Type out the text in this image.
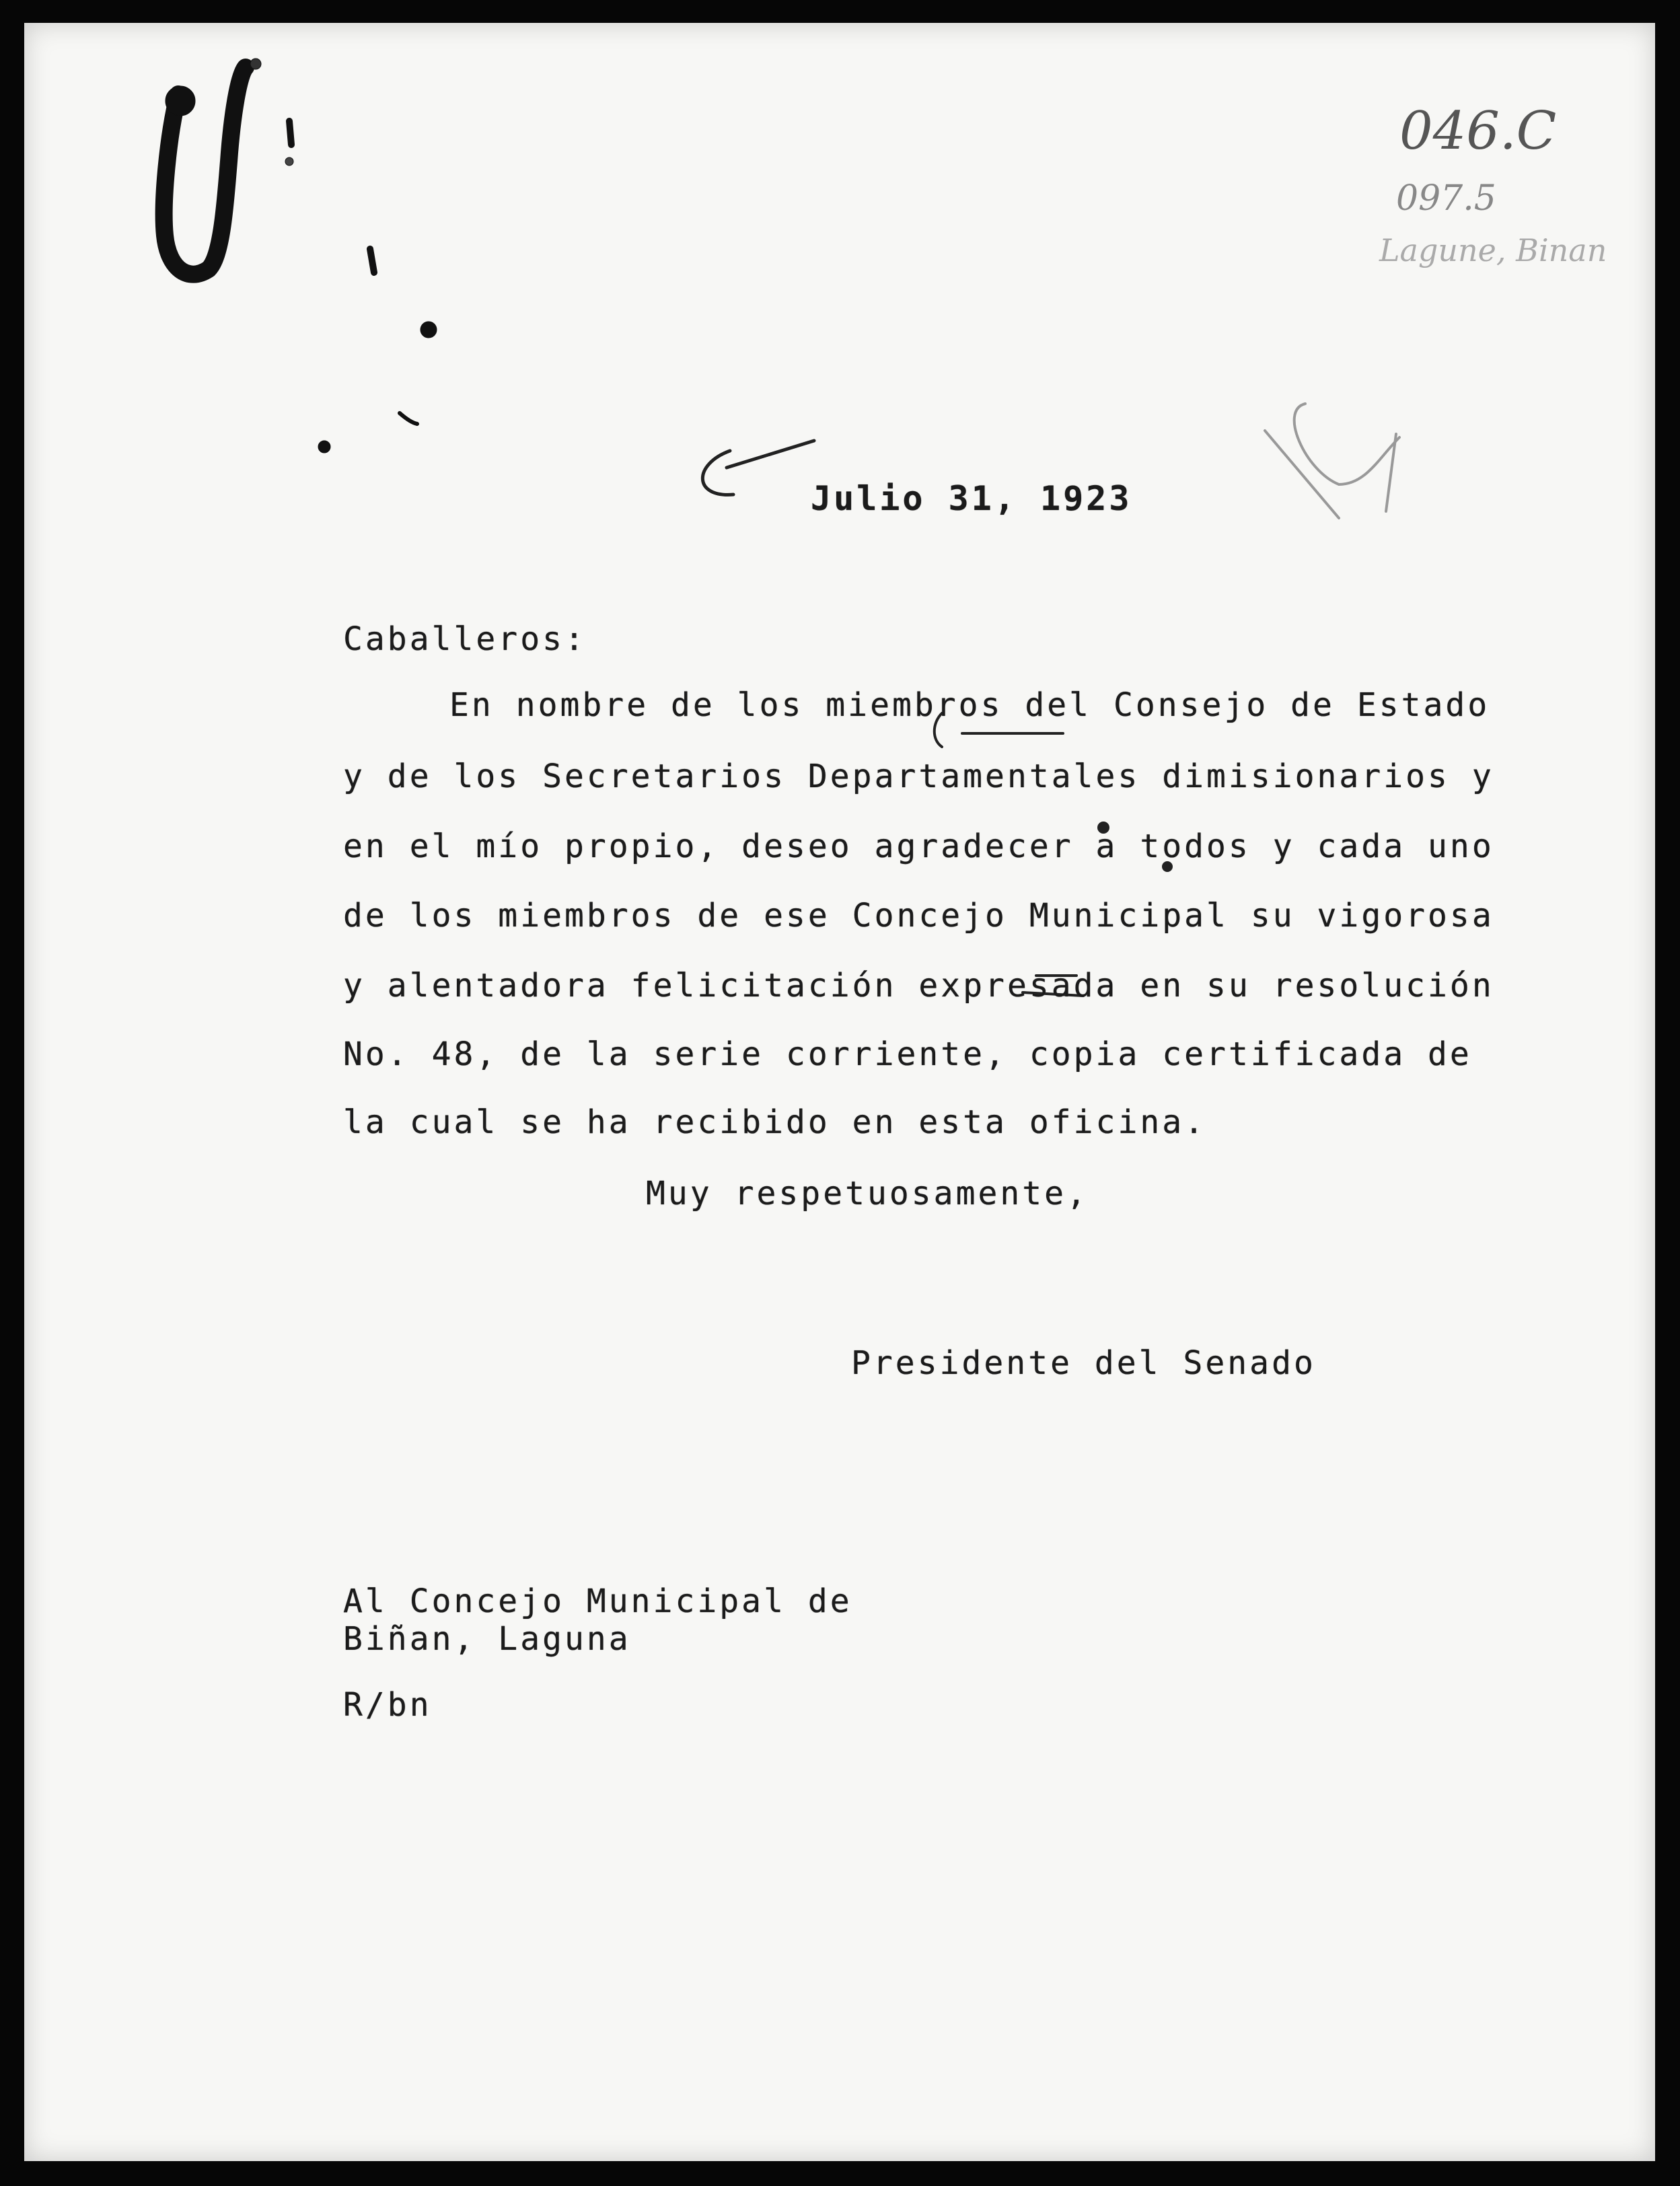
046.C
097.5
Lagune, Binan
Julio 31, 1923
Caballeros:
En nombre de los miembros del Consejo de Estado
y de los Secretarios Departamentales dimisionarios y
en el mío propio, deseo agradecer a todos y cada uno
de los miembros de ese Concejo Municipal su vigorosa
y alentadora felicitación expresada en su resolución
No. 48, de la serie corriente, copia certificada de
la cual se ha recibido en esta oficina.
Muy respetuosamente,
Presidente del Senado
Al Concejo Municipal de
Biñan, Laguna
R/bn
